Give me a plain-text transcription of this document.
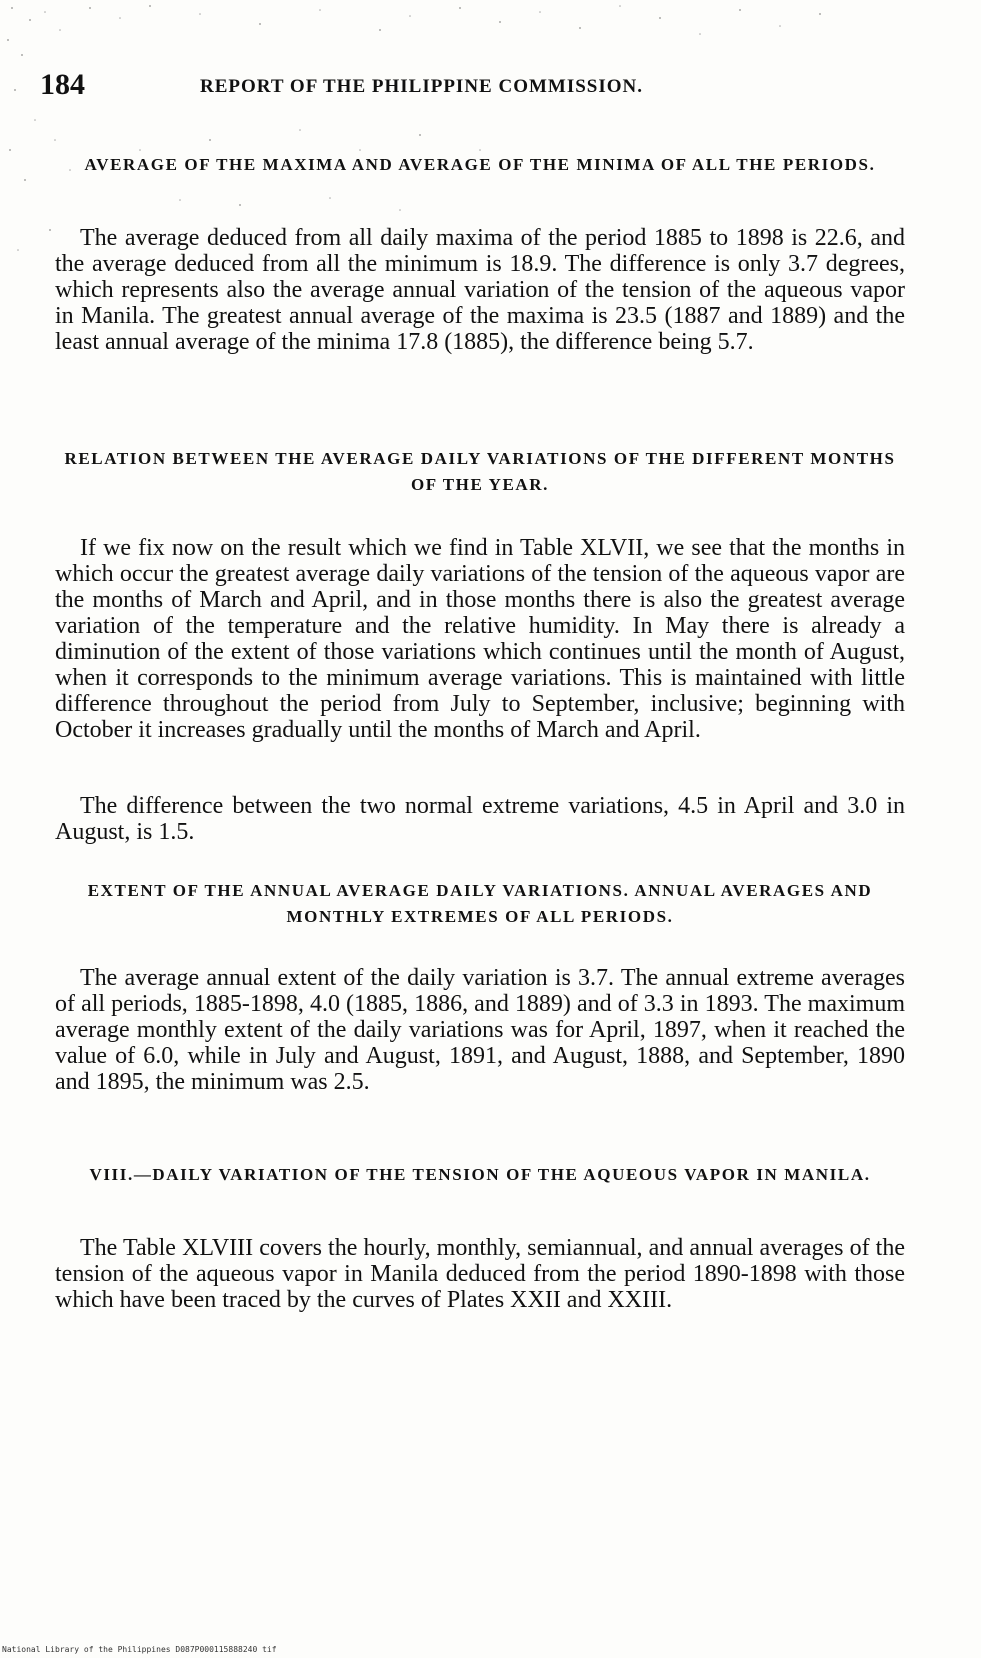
184	REPORT OF THE PHILIPPINE COMMISSION.
AVERAGE OF THE MAXIMA AND AVERAGE OF THE MINIMA OF ALL THE PERIODS.
The average deduced from all daily maxima of the period 1885 to 1898 is 22.6, and the average deduced from all the minimum is 18.9. The difference is only 3.7 degrees, which represents also the average annual variation of the tension of the aqueous vapor in Manila. The greatest annual average of the maxima is 23.5 (1887 and 1889) and the least annual average of the minima 17.8 (1885), the difference being 5.7.
RELATION BETWEEN THE AVERAGE DAILY VARIATIONS OF THE DIFFERENT MONTHS OF THE YEAR.
If we fix now on the result which we find in Table XLVII, we see that the months in which occur the greatest average daily variations of the tension of the aqueous vapor are the months of March and April, and in those months there is also the greatest average variation of the temperature and the relative humidity. In May there is already a diminution of the extent of those variations which continues until the month of August, when it corresponds to the minimum average variations. This is maintained with little difference throughout the period from July to September, inclusive; beginning with October it increases gradually until the months of March and April.
The difference between the two normal extreme variations, 4.5 in April and 3.0 in August, is 1.5.
EXTENT OF THE ANNUAL AVERAGE DAILY VARIATIONS. ANNUAL AVERAGES AND MONTHLY EXTREMES OF ALL PERIODS.
The average annual extent of the daily variation is 3.7. The annual extreme averages of all periods, 1885-1898, 4.0 (1885, 1886, and 1889) and of 3.3 in 1893. The maximum average monthly extent of the daily variations was for April, 1897, when it reached the value of 6.0, while in July and August, 1891, and August, 1888, and September, 1890 and 1895, the minimum was 2.5.
VIII.—DAILY VARIATION OF THE TENSION OF THE AQUEOUS VAPOR IN MANILA.
The Table XLVIII covers the hourly, monthly, semiannual, and annual averages of the tension of the aqueous vapor in Manila deduced from the period 1890-1898 with those which have been traced by the curves of Plates XXII and XXIII.
National Library of the Philippines D087P000115888240 tif
